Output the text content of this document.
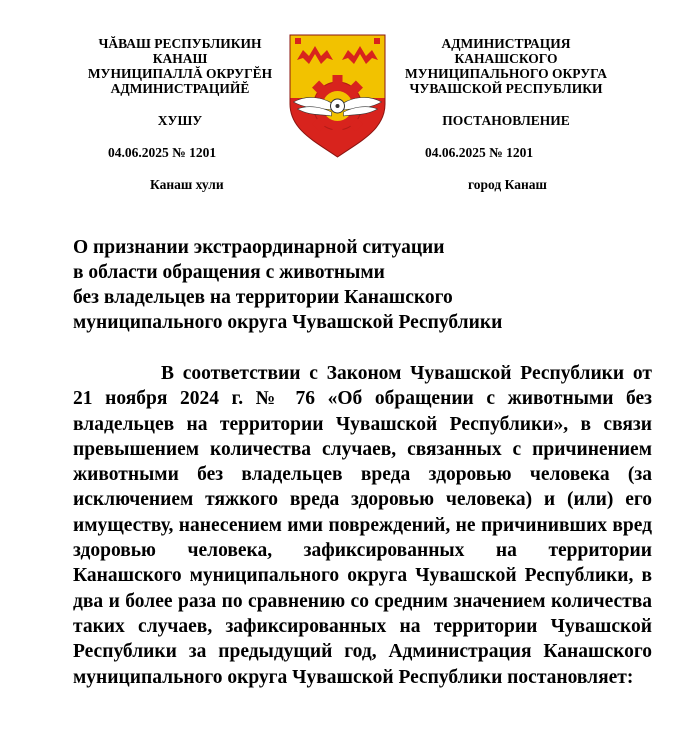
ЧĂВАШ РЕСПУБЛИКИН
КАНАШ
МУНИЦИПАЛЛĂ ОКРУГĔН
АДМИНИСТРАЦИЙĔ
ХУШУ
04.06.2025 № 1201
Канаш хули
АДМИНИСТРАЦИЯ
КАНАШСКОГО
МУНИЦИПАЛЬНОГО ОКРУГА
ЧУВАШСКОЙ РЕСПУБЛИКИ
ПОСТАНОВЛЕНИЕ
04.06.2025 № 1201
город Канаш
О признании экстраординарной ситуации
в области обращения с животными
без владельцев на территории Канашского
муниципального округа Чувашской Республики
В соответствии с Законом Чувашской Республики от 21 ноября 2024 г. № 76 «Об обращении с животными без владельцев на территории Чувашской Республики», в связи превышением количества случаев, связанных с причинением животными без владельцев вреда здоровью человека (за исключением тяжкого вреда здоровью человека) и (или) его имуществу, нанесением ими повреждений, не причинивших вред здоровью человека, зафиксированных на территории Канашского муниципального округа Чувашской Республики, в два и более раза по сравнению со средним значением количества таких случаев, зафиксированных на территории Чувашской Республики за предыдущий год, Администрация Канашского муниципального округа Чувашской Республики постановляет:
